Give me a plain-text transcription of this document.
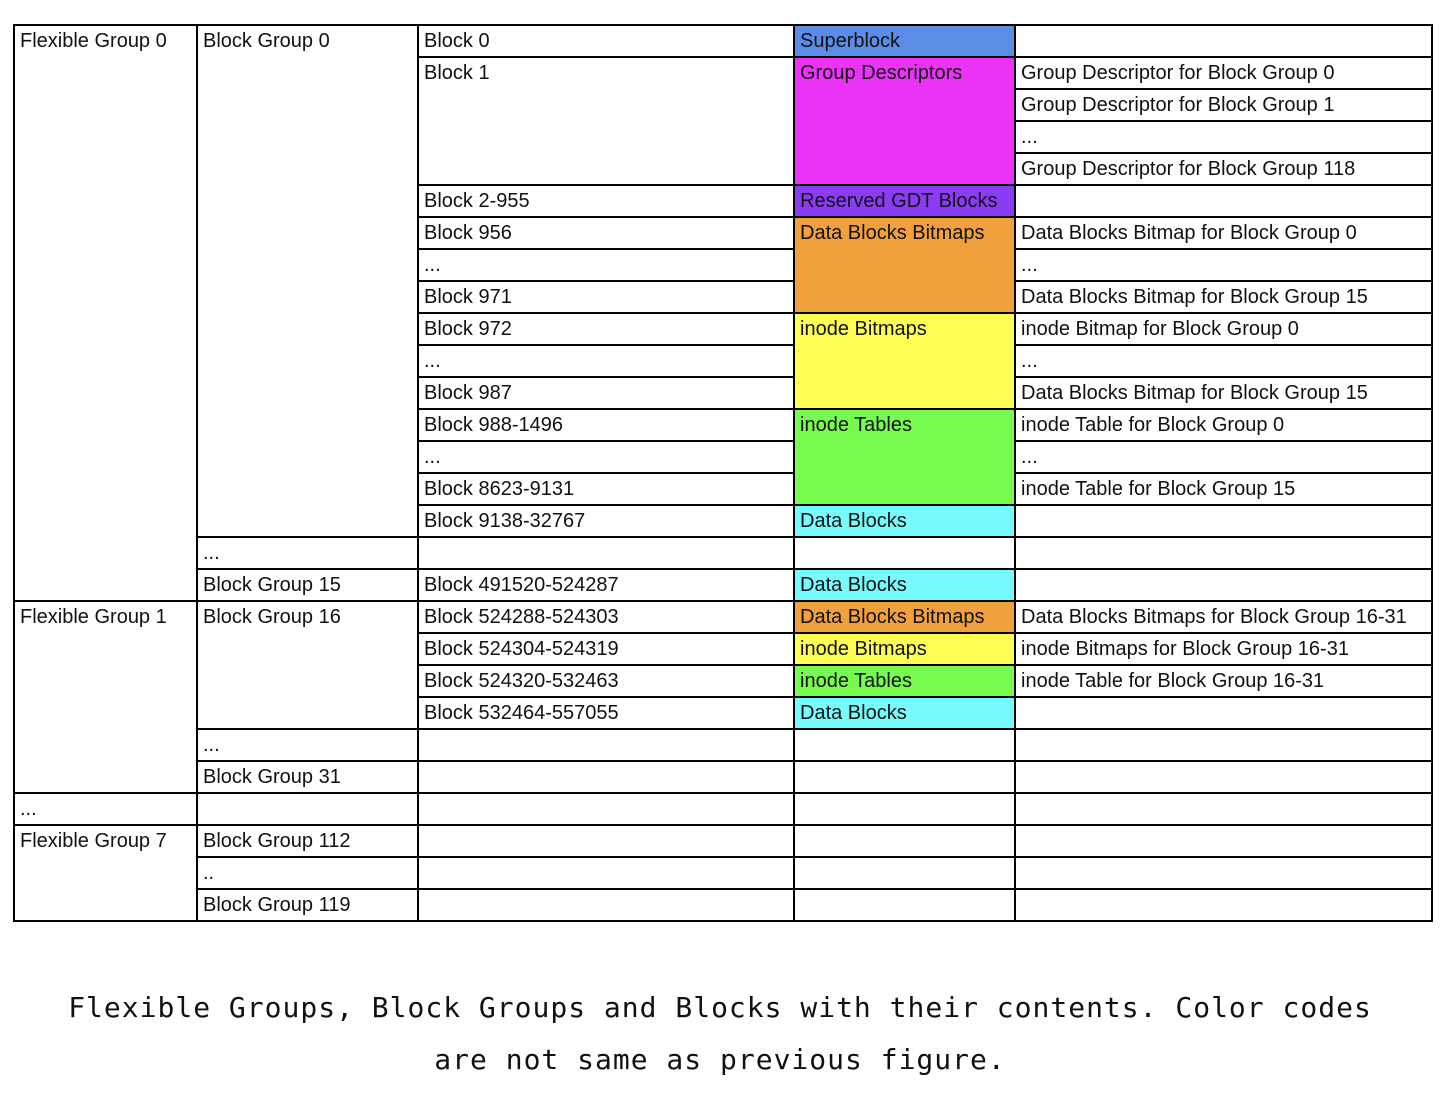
Flexible Group 0	Block Group 0	Block 0	Superblock	
		Block 1	Group Descriptors	Group Descriptor for Block Group 0
				Group Descriptor for Block Group 1
				...
				Group Descriptor for Block Group 118
		Block 2-955	Reserved GDT Blocks	
		Block 956	Data Blocks Bitmaps	Data Blocks Bitmap for Block Group 0
		...		...
		Block 971		Data Blocks Bitmap for Block Group 15
		Block 972	inode Bitmaps	inode Bitmap for Block Group 0
		...		...
		Block 987		Data Blocks Bitmap for Block Group 15
		Block 988-1496	inode Tables	inode Table for Block Group 0
		...		...
		Block 8623-9131		inode Table for Block Group 15
		Block 9138-32767	Data Blocks	
	...			
	Block Group 15	Block 491520-524287	Data Blocks	
Flexible Group 1	Block Group 16	Block 524288-524303	Data Blocks Bitmaps	Data Blocks Bitmaps for Block Group 16-31
		Block 524304-524319	inode Bitmaps	inode Bitmaps for Block Group 16-31
		Block 524320-532463	inode Tables	inode Table for Block Group 16-31
		Block 532464-557055	Data Blocks	
	...			
	Block Group 31			
...				
Flexible Group 7	Block Group 112			
	..			
	Block Group 119			
Flexible Groups, Block Groups and Blocks with their contents. Color codes
are not same as previous figure.
